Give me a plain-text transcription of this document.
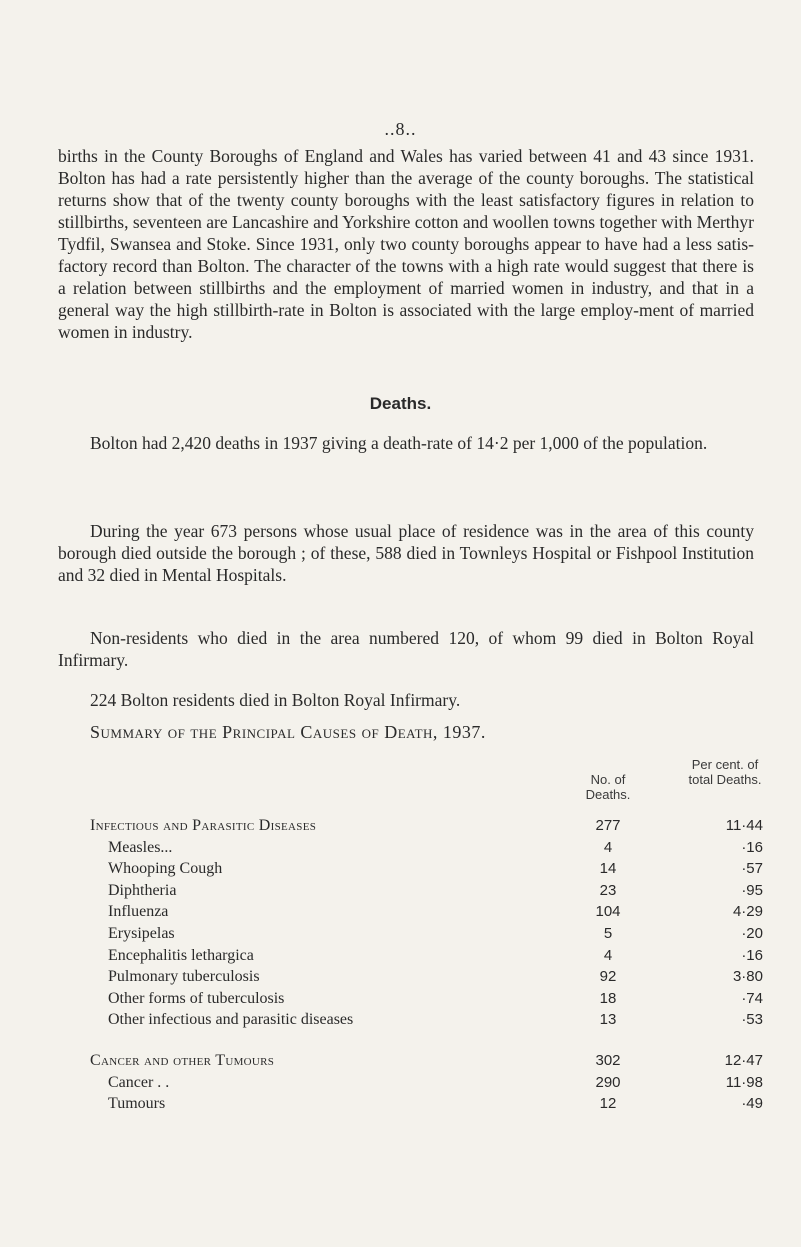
..8..

births in the County Boroughs of England and Wales has varied between 41 and 43 since 1931. Bolton has had a rate persistently higher than the average of the county boroughs. The statistical returns show that of the twenty county boroughs with the least satisfactory figures in relation to stillbirths, seventeen are Lancashire and Yorkshire cotton and woollen towns together with Merthyr Tydfil, Swansea and Stoke. Since 1931, only two county boroughs appear to have had a less satis-factory record than Bolton. The character of the towns with a high rate would suggest that there is a relation between stillbirths and the employment of married women in industry, and that in a general way the high stillbirth-rate in Bolton is associated with the large employ-ment of married women in industry.

Deaths.

Bolton had 2,420 deaths in 1937 giving a death-rate of 14·2 per 1,000 of the population.

During the year 673 persons whose usual place of residence was in the area of this county borough died outside the borough ; of these, 588 died in Townleys Hospital or Fishpool Institution and 32 died in Mental Hospitals.

Non-residents who died in the area numbered 120, of whom 99 died in Bolton Royal Infirmary.

224 Bolton residents died in Bolton Royal Infirmary.

Summary of the Principal Causes of Death, 1937.
No. of Deaths.
Per cent. of total Deaths.
Infectious and Parasitic Diseases	277	11·44
Measles...	4	·16
Whooping Cough	14	·57
Diphtheria	23	·95
Influenza	104	4·29
Erysipelas	5	·20
Encephalitis lethargica	4	·16
Pulmonary tuberculosis	92	3·80
Other forms of tuberculosis	18	·74
Other infectious and parasitic diseases	13	·53
Cancer and other Tumours	302	12·47
Cancer . .	290	11·98
Tumours	12	·49
